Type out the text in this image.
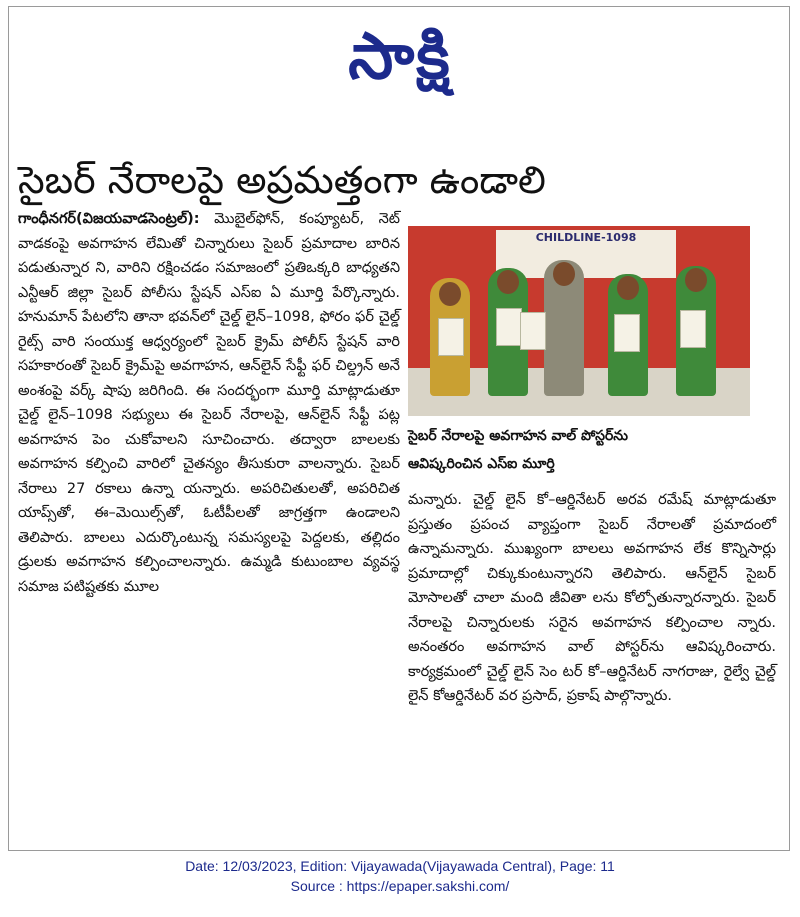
సాక్షి
సైబర్ నేరాలపై అప్రమత్తంగా ఉండాలి

గాంధీనగర్(విజయవాడసెంట్రల్): మొబైల్‌ఫోన్, కంప్యూటర్, నెట్ వాడకంపై అవగాహన లేమితో చిన్నారులు సైబర్ ప్రమాదాల బారిన పడుతున్నార ని, వారిని రక్షించడం సమాజంలో ప్రతిఒక్కరి బాధ్యతని ఎన్టీఆర్ జిల్లా సైబర్ పోలీసు స్టేషన్ ఎస్ఐ ఏ మూర్తి పేర్కొన్నారు. హనుమాన్ పేటలోని తానా భవన్‌లో చైల్డ్ లైన్–1098, ఫోరం ఫర్ చైల్డ్ రైట్స్ వారి సంయుక్త ఆధ్వర్యంలో సైబర్ క్రైమ్ పోలీస్ స్టేషన్ వారి సహకారంతో సైబర్ క్రైమ్‌పై అవగాహన, ఆన్‌లైన్ సేఫ్టీ ఫర్ చిల్డ్రన్ అనే అంశంపై వర్క్ షాపు జరిగింది. ఈ సందర్భంగా మూర్తి మాట్లాడుతూ చైల్డ్ లైన్–1098 సభ్యులు ఈ సైబర్ నేరాలపై, ఆన్‌లైన్ సేఫ్టీ పట్ల అవగాహన పెం చుకోవాలని సూచించారు. తద్వారా బాలలకు అవగాహన కల్పించి వారిలో చైతన్యం తీసుకురా వాలన్నారు. సైబర్ నేరాలు 27 రకాలు ఉన్నా యన్నారు. అపరిచితులతో, అపరిచిత యాప్స్‌తో, ఈ–మెయిల్స్‌తో, ఓటీపీలతో జాగ్రత్తగా ఉండాలని తెలిపారు. బాలలు ఎదుర్కొంటున్న సమస్యలపై పెద్దలకు, తల్లిదం డ్రులకు అవగాహన కల్పించాలన్నారు. ఉమ్మడి కుటుంబాల వ్యవస్థ సమాజ పటిష్టతకు మూల

CHILDLINE-1098
సైబర్ నేరాలపై అవగాహన వాల్ పోస్టర్‌ను
ఆవిష్కరించిన ఎస్ఐ మూర్తి

మన్నారు. చైల్డ్ లైన్ కో–ఆర్డినేటర్ అరవ రమేష్ మాట్లాడుతూ ప్రస్తుతం ప్రపంచ వ్యాప్తంగా సైబర్ నేరాలతో ప్రమాదంలో ఉన్నామన్నారు. ముఖ్యంగా బాలలు అవగాహన లేక కొన్నిసార్లు ప్రమాదాల్లో చిక్కుకుంటున్నారని తెలిపారు. ఆన్‌లైన్ సైబర్ మోసాలతో చాలా మంది జీవితా లను కోల్పోతున్నారన్నారు. సైబర్ నేరాలపై చిన్నారులకు సరైన అవగాహన కల్పించాల న్నారు. అనంతరం అవగాహన వాల్ పోస్టర్‌ను ఆవిష్కరించారు. కార్యక్రమంలో చైల్డ్ లైన్ సెం టర్ కో–ఆర్డినేటర్ నాగరాజు, రైల్వే చైల్డ్ లైన్ కోఆర్డినేటర్ వర ప్రసాద్, ప్రకాష్ పాల్గొన్నారు.

Date: 12/03/2023, Edition: Vijayawada(Vijayawada Central), Page: 11
Source : https://epaper.sakshi.com/
